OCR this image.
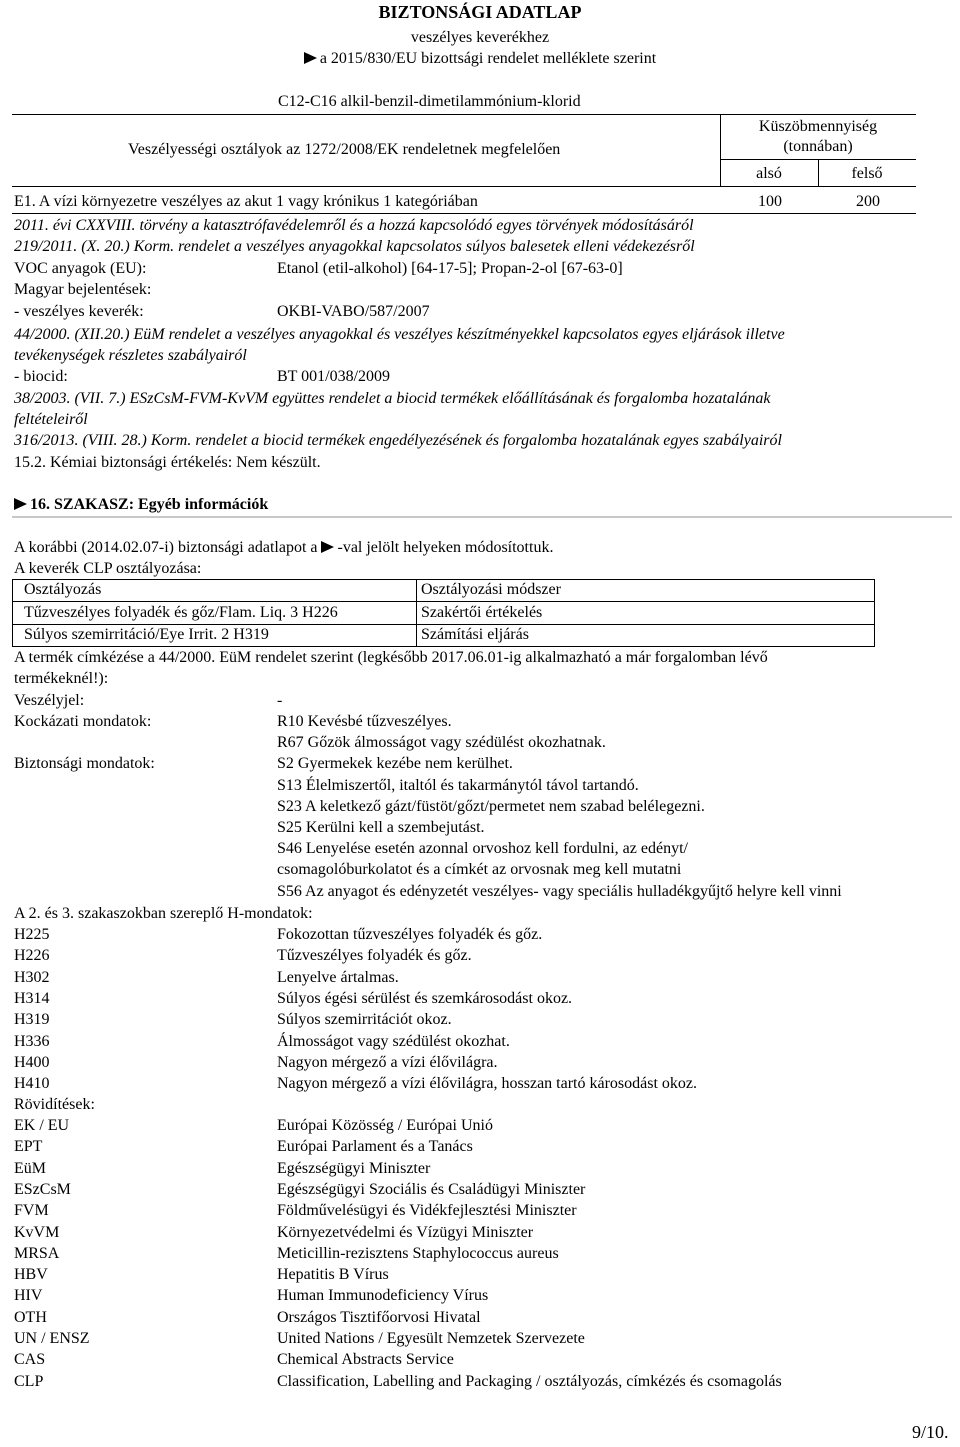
BIZTONSÁGI ADATLAP
veszélyes keverékhez
a 2015/830/EU bizottsági rendelet melléklete szerint
C12-C16 alkil-benzil-dimetilammónium-klorid
Veszélyességi osztályok az 1272/2008/EK rendeletnek megfelelően
Küszöbmennyiség
(tonnában)
alsó	felső
E1. A vízi környezetre veszélyes az akut 1 vagy krónikus 1 kategóriában	100	200
2011. évi CXXVIII. törvény a katasztrófavédelemről és a hozzá kapcsolódó egyes törvények módosításáról
219/2011. (X. 20.) Korm. rendelet a veszélyes anyagokkal kapcsolatos súlyos balesetek elleni védekezésről
VOC anyagok (EU):	Etanol (etil-alkohol) [64-17-5]; Propan-2-ol [67-63-0]
Magyar bejelentések:
- veszélyes keverék:	OKBI-VABO/587/2007
44/2000. (XII.20.) EüM rendelet a veszélyes anyagokkal és veszélyes készítményekkel kapcsolatos egyes eljárások illetve
tevékenységek részletes szabályairól
- biocid:	BT 001/038/2009
38/2003. (VII. 7.) ESzCsM-FVM-KvVM együttes rendelet a biocid termékek előállításának és forgalomba hozatalának
feltételeiről
316/2013. (VIII. 28.) Korm. rendelet a biocid termékek engedélyezésének és forgalomba hozatalának egyes szabályairól
15.2. Kémiai biztonsági értékelés: Nem készült.
16. SZAKASZ: Egyéb információk
A korábbi (2014.02.07-i) biztonsági adatlapot a -val jelölt helyeken módosítottuk.
A keverék CLP osztályozása:
Osztályozás	Osztályozási módszer
Tűzveszélyes folyadék és gőz/Flam. Liq. 3 H226	Szakértői értékelés
Súlyos szemirritáció/Eye Irrit. 2 H319	Számítási eljárás
A termék címkézése a 44/2000. EüM rendelet szerint (legkésőbb 2017.06.01-ig alkalmazható a már forgalomban lévő
termékeknél!):
Veszélyjel:	-
Kockázati mondatok:	R10 Kevésbé tűzveszélyes.
R67 Gőzök álmosságot vagy szédülést okozhatnak.
Biztonsági mondatok:	S2 Gyermekek kezébe nem kerülhet.
S13 Élelmiszertől, italtól és takarmánytól távol tartandó.
S23 A keletkező gázt/füstöt/gőzt/permetet nem szabad belélegezni.
S25 Kerülni kell a szembejutást.
S46 Lenyelése esetén azonnal orvoshoz kell fordulni, az edényt/
csomagolóburkolatot és a címkét az orvosnak meg kell mutatni
S56 Az anyagot és edényzetét veszélyes- vagy speciális hulladékgyűjtő helyre kell vinni
A 2. és 3. szakaszokban szereplő H-mondatok:
H225	Fokozottan tűzveszélyes folyadék és gőz.
H226	Tűzveszélyes folyadék és gőz.
H302	Lenyelve ártalmas.
H314	Súlyos égési sérülést és szemkárosodást okoz.
H319	Súlyos szemirritációt okoz.
H336	Álmosságot vagy szédülést okozhat.
H400	Nagyon mérgező a vízi élővilágra.
H410	Nagyon mérgező a vízi élővilágra, hosszan tartó károsodást okoz.
Rövidítések:
EK / EU	Európai Közösség / Európai Unió
EPT	Európai Parlament és a Tanács
EüM	Egészségügyi Miniszter
ESzCsM	Egészségügyi Szociális és Családügyi Miniszter
FVM	Földművelésügyi és Vidékfejlesztési Miniszter
KvVM	Környezetvédelmi és Vízügyi Miniszter
MRSA	Meticillin-rezisztens Staphylococcus aureus
HBV	Hepatitis B Vírus
HIV	Human Immunodeficiency Vírus
OTH	Országos Tisztifőorvosi Hivatal
UN / ENSZ	United Nations / Egyesült Nemzetek Szervezete
CAS	Chemical Abstracts Service
CLP	Classification, Labelling and Packaging / osztályozás, címkézés és csomagolás
9/10.
